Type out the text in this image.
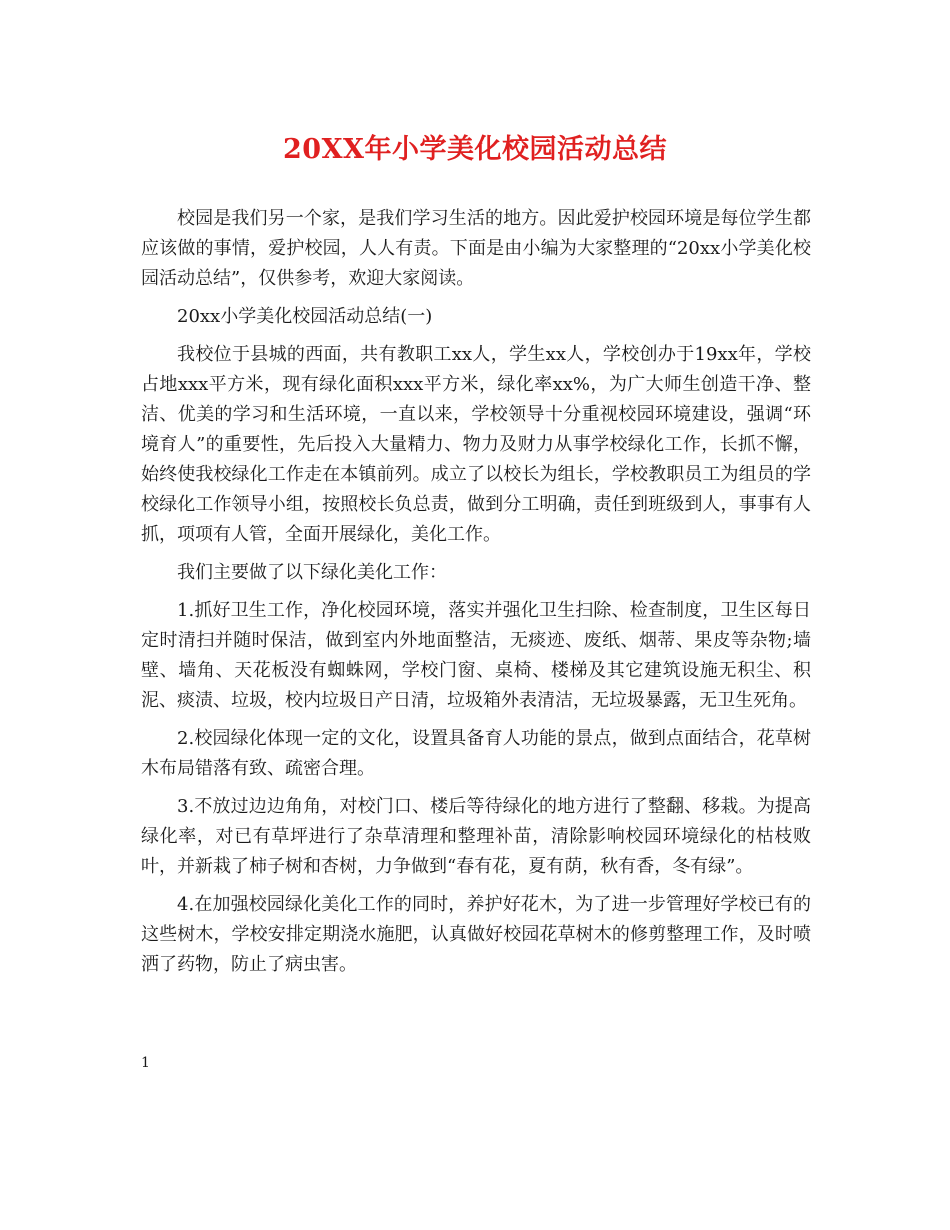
20XX年小学美化校园活动总结

校园是我们另一个家，是我们学习生活的地方。因此爱护校园环境是每位学生都应该做的事情，爱护校园，人人有责。下面是由小编为大家整理的“20xx小学美化校园活动总结”，仅供参考，欢迎大家阅读。

20xx小学美化校园活动总结(一)

我校位于县城的西面，共有教职工xx人，学生xx人，学校创办于19xx年，学校占地xxx平方米，现有绿化面积xxx平方米，绿化率xx%，为广大师生创造干净、整洁、优美的学习和生活环境，一直以来，学校领导十分重视校园环境建设，强调“环境育人”的重要性，先后投入大量精力、物力及财力从事学校绿化工作，长抓不懈，始终使我校绿化工作走在本镇前列。成立了以校长为组长，学校教职员工为组员的学校绿化工作领导小组，按照校长负总责，做到分工明确，责任到班级到人，事事有人抓，项项有人管，全面开展绿化，美化工作。

我们主要做了以下绿化美化工作：

1.抓好卫生工作，净化校园环境，落实并强化卫生扫除、检查制度，卫生区每日定时清扫并随时保洁，做到室内外地面整洁，无痰迹、废纸、烟蒂、果皮等杂物;墙壁、墙角、天花板没有蜘蛛网，学校门窗、桌椅、楼梯及其它建筑设施无积尘、积泥、痰渍、垃圾，校内垃圾日产日清，垃圾箱外表清洁，无垃圾暴露，无卫生死角。

2.校园绿化体现一定的文化，设置具备育人功能的景点，做到点面结合，花草树木布局错落有致、疏密合理。

3.不放过边边角角，对校门口、楼后等待绿化的地方进行了整翻、移栽。为提高绿化率，对已有草坪进行了杂草清理和整理补苗，清除影响校园环境绿化的枯枝败叶，并新栽了柿子树和杏树，力争做到“春有花，夏有荫，秋有香，冬有绿”。

4.在加强校园绿化美化工作的同时，养护好花木，为了进一步管理好学校已有的这些树木，学校安排定期浇水施肥，认真做好校园花草树木的修剪整理工作，及时喷洒了药物，防止了病虫害。

1
